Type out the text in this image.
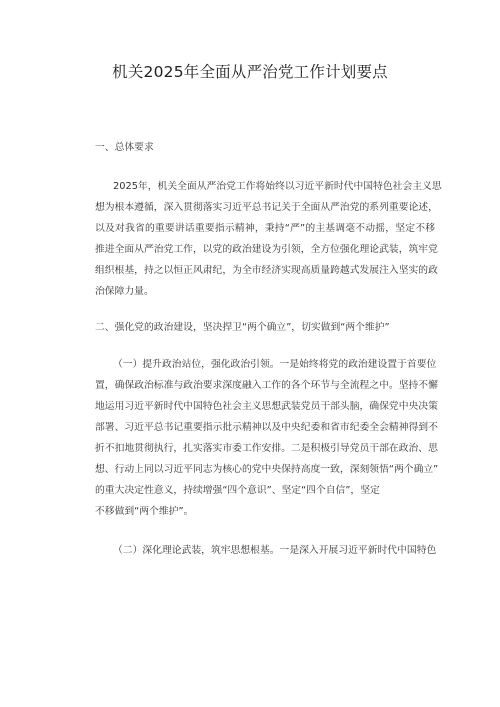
机关2025年全面从严治党工作计划要点
一、总体要求
2025年，机关全面从严治党工作将始终以习近平新时代中国特色社会主义思
想为根本遵循，深入贯彻落实习近平总书记关于全面从严治党的系列重要论述，
以及对我省的重要讲话重要指示精神，秉持“严”的主基调毫不动摇，坚定不移
推进全面从严治党工作，以党的政治建设为引领，全方位强化理论武装，筑牢党
组织根基，持之以恒正风肃纪，为全市经济实现高质量跨越式发展注入坚实的政
治保障力量。
二、强化党的政治建设，坚决捍卫“两个确立”，切实做到“两个维护”
（一）提升政治站位，强化政治引领。一是始终将党的政治建设置于首要位
置，确保政治标准与政治要求深度融入工作的各个环节与全流程之中。坚持不懈
地运用习近平新时代中国特色社会主义思想武装党员干部头脑，确保党中央决策
部署、习近平总书记重要指示批示精神以及中央纪委和省市纪委全会精神得到不
折不扣地贯彻执行，扎实落实市委工作安排。二是积极引导党员干部在政治、思
想、行动上同以习近平同志为核心的党中央保持高度一致，深刻领悟“两个确立”
的重大决定性意义，持续增强“四个意识”、坚定“四个自信”，坚定
不移做到“两个维护”。
（二）深化理论武装，筑牢思想根基。一是深入开展习近平新时代中国特色
